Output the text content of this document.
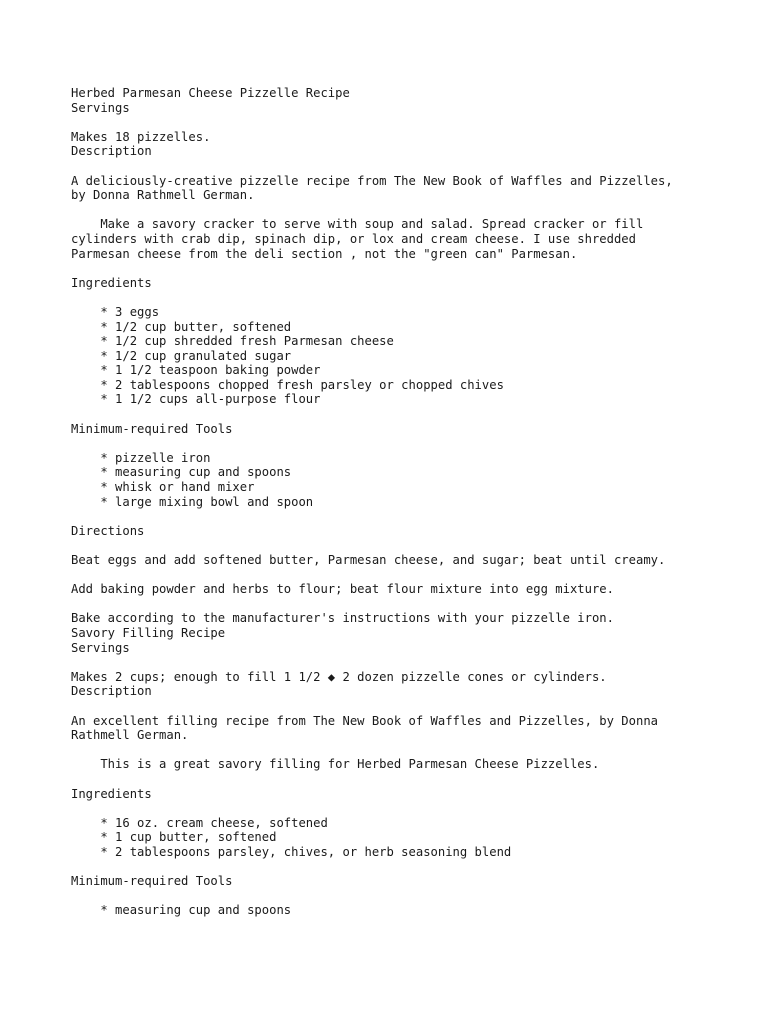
Herbed Parmesan Cheese Pizzelle Recipe
Servings
Makes 18 pizzelles.
Description
A deliciously-creative pizzelle recipe from The New Book of Waffles and Pizzelles,
by Donna Rathmell German.
Make a savory cracker to serve with soup and salad. Spread cracker or fill
cylinders with crab dip, spinach dip, or lox and cream cheese. I use shredded
Parmesan cheese from the deli section , not the "green can" Parmesan.
Ingredients
* 3 eggs
* 1/2 cup butter, softened
* 1/2 cup shredded fresh Parmesan cheese
* 1/2 cup granulated sugar
* 1 1/2 teaspoon baking powder
* 2 tablespoons chopped fresh parsley or chopped chives
* 1 1/2 cups all-purpose flour
Minimum-required Tools
* pizzelle iron
* measuring cup and spoons
* whisk or hand mixer
* large mixing bowl and spoon
Directions
Beat eggs and add softened butter, Parmesan cheese, and sugar; beat until creamy.
Add baking powder and herbs to flour; beat flour mixture into egg mixture.
Bake according to the manufacturer's instructions with your pizzelle iron.
Savory Filling Recipe
Servings
Makes 2 cups; enough to fill 1 1/2 ◆ 2 dozen pizzelle cones or cylinders.
Description
An excellent filling recipe from The New Book of Waffles and Pizzelles, by Donna
Rathmell German.
This is a great savory filling for Herbed Parmesan Cheese Pizzelles.
Ingredients
* 16 oz. cream cheese, softened
* 1 cup butter, softened
* 2 tablespoons parsley, chives, or herb seasoning blend
Minimum-required Tools
* measuring cup and spoons
